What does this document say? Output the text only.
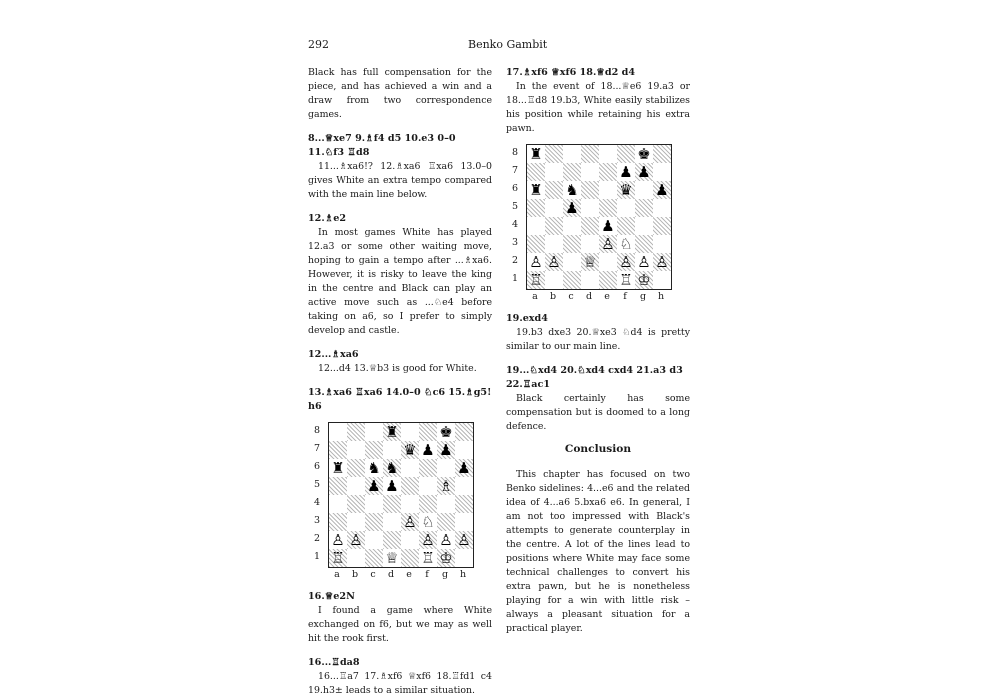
292	Benko Gambit

Black has full compensation for the piece, and has achieved a win and a draw from two correspondence games.

8...♕xe7 9.♗f4 d5 10.e3 0–0 11.♘f3 ♖d8

11...♗xa6!? 12.♗xa6 ♖xa6 13.0–0 gives White an extra tempo compared with the main line below.

12.♗e2

In most games White has played 12.a3 or some other waiting move, hoping to gain a tempo after ...♗xa6. However, it is risky to leave the king in the centre and Black can play an active move such as ...♘e4 before taking on a6, so I prefer to simply develop and castle.

12...♗xa6

12...d4 13.♕b3 is good for White.

13.♗xa6 ♖xa6 14.0–0 ♘c6 15.♗g5! h6
8
7
6
5
4
3
2
1
♜	♚
♛ ♟ ♟
♜ ♞ ♞	♟
♟ ♟	♗
♙ ♘
♙ ♙	♙ ♙ ♙
♖	♕ ♖ ♔
a	b	c	d	e	f	g	h
16.♕e2N

I found a game where White exchanged on f6, but we may as well hit the rook first.

16...♖da8

16...♖a7 17.♗xf6 ♕xf6 18.♖fd1 c4 19.h3± leads to a similar situation.

17.♗xf6 ♕xf6 18.♕d2 d4

In the event of 18...♕e6 19.a3 or 18...♖d8 19.b3, White easily stabilizes his position while retaining his extra pawn.

8
7
6
5
4
3
2
1
♜	♚
♟ ♟
♜ ♞	♛ ♟
♟
♟
♙ ♘
♙ ♙ ♕ ♙ ♙ ♙
♖	♖ ♔
a	b	c	d	e	f	g	h
19.exd4

19.b3 dxe3 20.♕xe3 ♘d4 is pretty similar to our main line.

19...♘xd4 20.♘xd4 cxd4 21.a3 d3 22.♖ac1

Black certainly has some compensation but is doomed to a long defence.

Conclusion

This chapter has focused on two Benko sidelines: 4...e6 and the related idea of 4...a6 5.bxa6 e6. In general, I am not too impressed with Black's attempts to generate counterplay in the centre. A lot of the lines lead to positions where White may face some technical challenges to convert his extra pawn, but he is nonetheless playing for a win with little risk – always a pleasant situation for a practical player.
